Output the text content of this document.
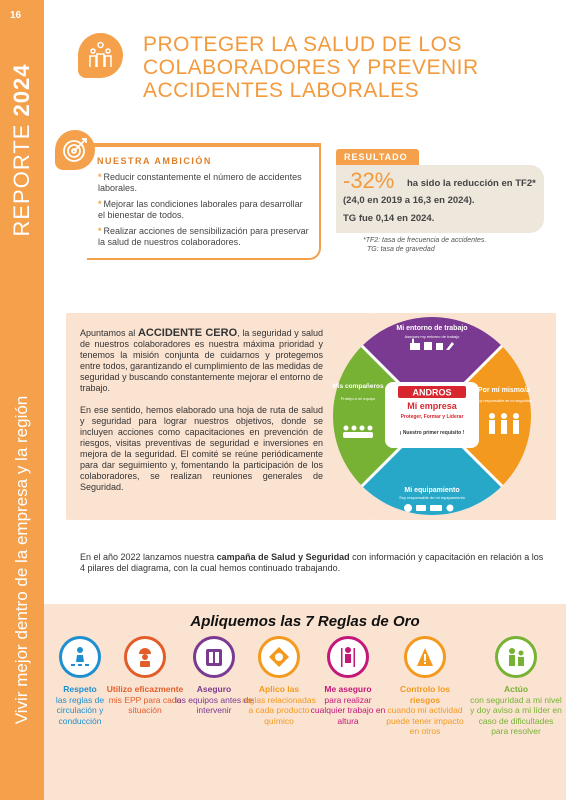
16
REPORTE 2024
Vivir mejor dentro de la empresa y la región
PROTEGER LA SALUD DE LOS
COLABORADORES Y PREVENIR
ACCIDENTES LABORALES
NUESTRA AMBICIÓN
* Reducir constantemente el número de accidentes laborales.
* Mejorar las condiciones laborales para desarrollar el bienestar de todos.
* Realizar acciones de sensibilización para preservar la salud de nuestros colaboradores.
RESULTADO
-32% ha sido la reducción en TF2*
(24,0 en 2019 a 16,3 en 2024).
TG fue 0,14 en 2024.
*TF2: tasa de frecuencia de accidentes.
TG: tasa de gravedad

Apuntamos al ACCIDENTE CERO, la seguridad y salud de nuestros colaboradores es nuestra máxima prioridad y tenemos la misión conjunta de cuidarnos y protegemos entre todos, garantizando el cumplimiento de las medidas de seguridad y buscando constantemente mejorar el entorno de trabajo.

En ese sentido, hemos elaborado una hoja de ruta de salud y seguridad para lograr nuestros objetivos, donde se incluyen acciones como capacitaciones en prevención de riesgos, visitas preventivas de seguridad e inversiones en mejora de la seguridad. El comité se reúne periódicamente para dar seguimiento y, fomentando la participación de los colaboradores, se realizan reuniones generales de Seguridad.

ANDROS
Mi empresa
Proteger, Formar y Liderar
¡ Nuestro primer requisito !
Mi entorno de trabajo
Asegurs my entorno de trabajo
Por mí mismo/a
Soy responsable de mi seguridad
Mi equipamiento
Soy responsable de mi equipamiento
Mis compañeros
Protejo a mi equipo

En el año 2022 lanzamos nuestra campaña de Salud y Seguridad con información y capacitación en relación a los 4 pilares del diagrama, con la cual hemos continuado trabajando.

Apliquemos las 7 Reglas de Oro
Respeto
las reglas de circulación y conducción
Utilizo eficazmente
mis EPP para cada situación
Aseguro
los equipos antes de intervenir
Aplico las
reglas relacionadas a cada producto químico
Me aseguro
para realizar cualquier trabajo en altura
Controlo los riesgos
cuando mi actividad puede tener impacto en otros
Actúo
con seguridad a mi nivel y doy aviso a mi líder en caso de dificultades para resolver
